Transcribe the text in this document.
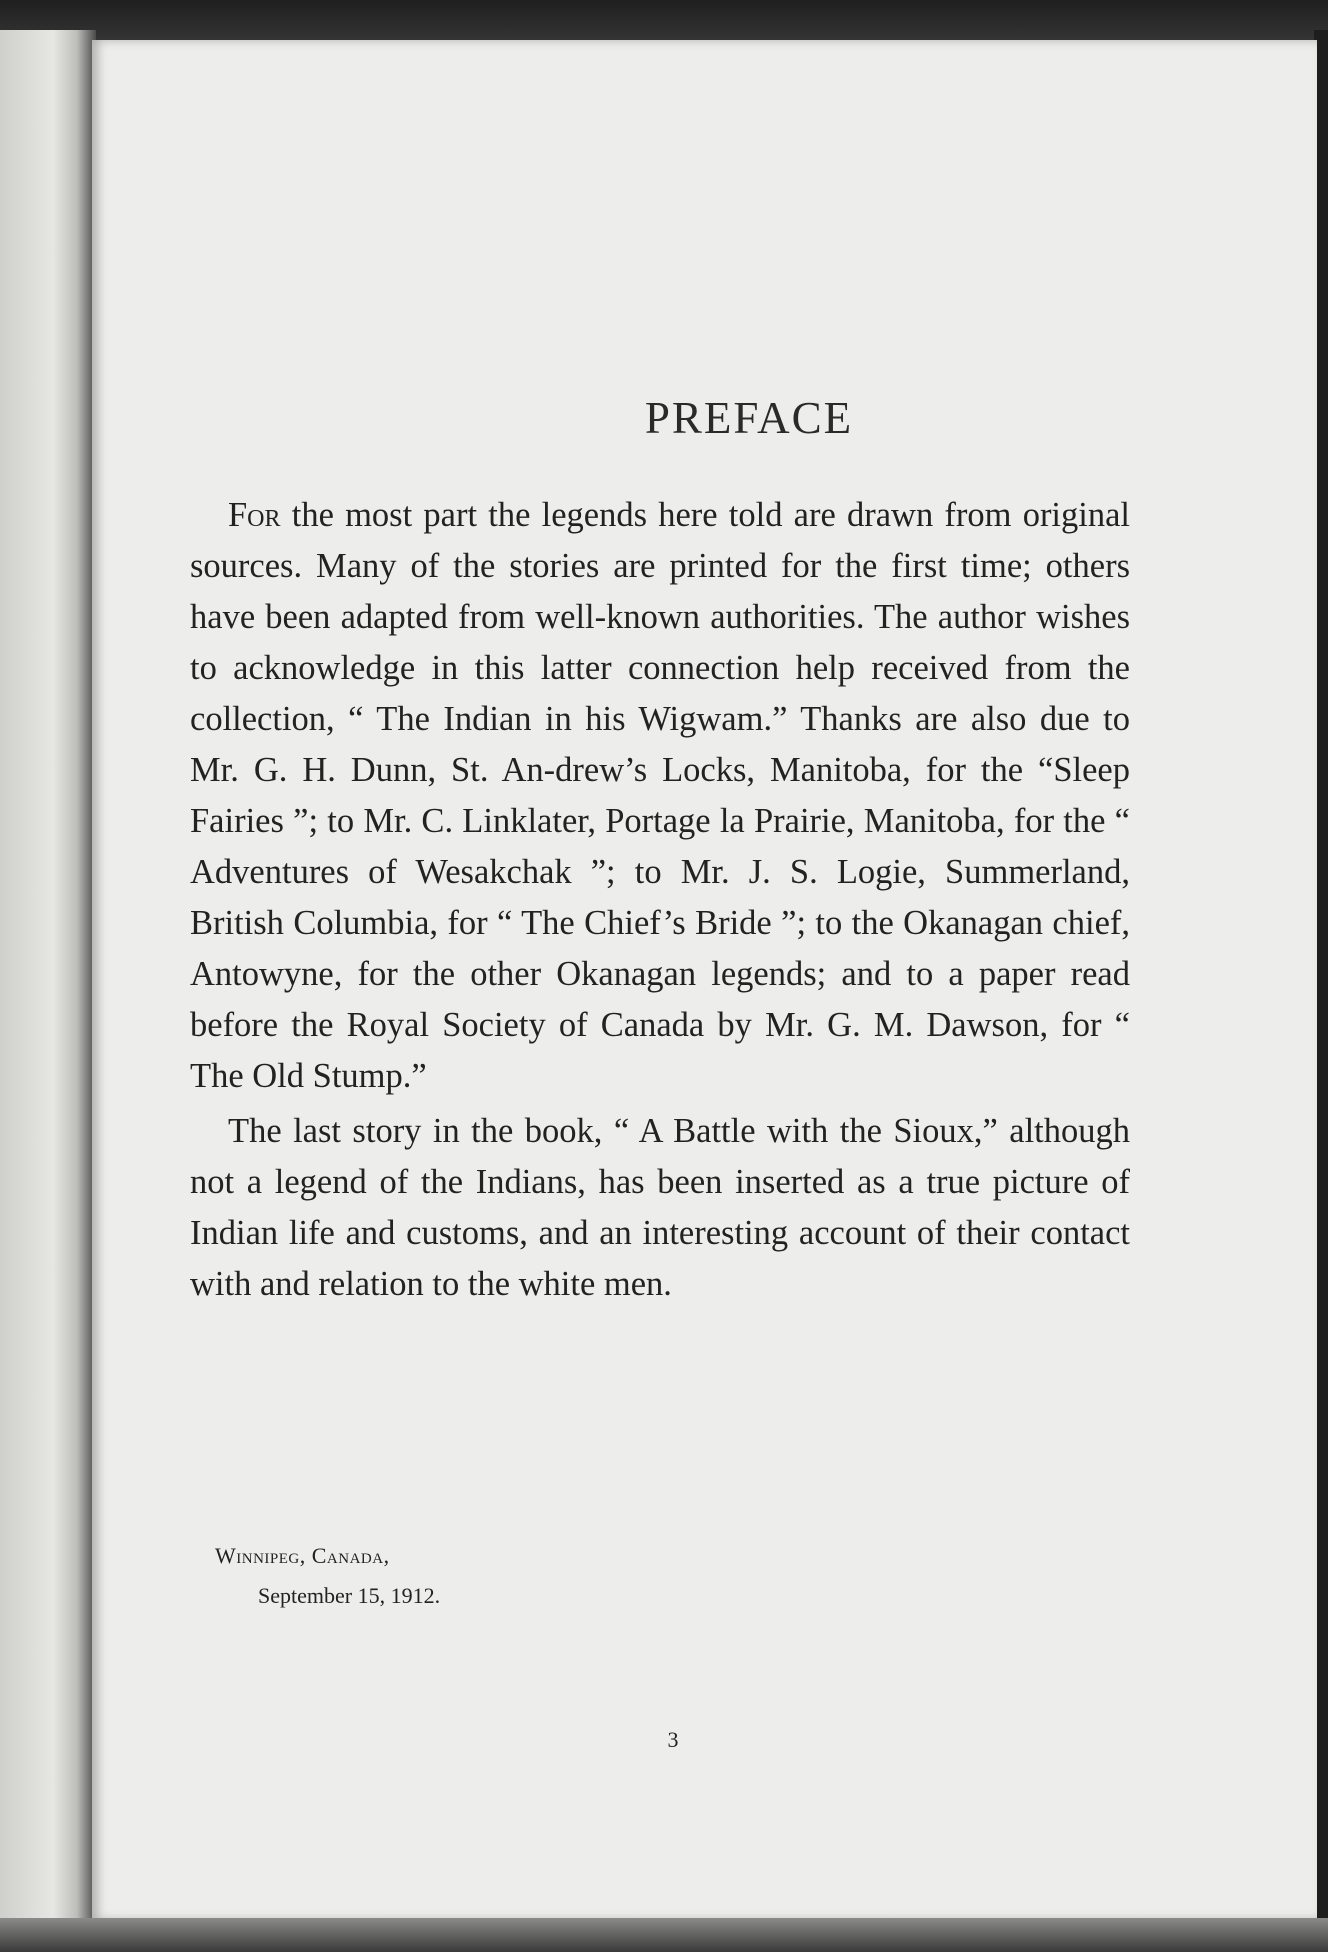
PREFACE

For the most part the legends here told are drawn from original sources. Many of the stories are printed for the first time; others have been adapted from well-known authorities. The author wishes to acknowledge in this latter connection help received from the collection, “ The Indian in his Wigwam.” Thanks are also due to Mr. G. H. Dunn, St. An-drew’s Locks, Manitoba, for the “Sleep Fairies ”; to Mr. C. Linklater, Portage la Prairie, Manitoba, for the “ Adventures of Wesakchak ”; to Mr. J. S. Logie, Summerland, British Columbia, for “ The Chief’s Bride ”; to the Okanagan chief, Antowyne, for the other Okanagan legends; and to a paper read before the Royal Society of Canada by Mr. G. M. Dawson, for “ The Old Stump.”

The last story in the book, “ A Battle with the Sioux,” although not a legend of the Indians, has been inserted as a true picture of Indian life and customs, and an interesting account of their contact with and relation to the white men.

Winnipeg, Canada,
September 15, 1912.
3
